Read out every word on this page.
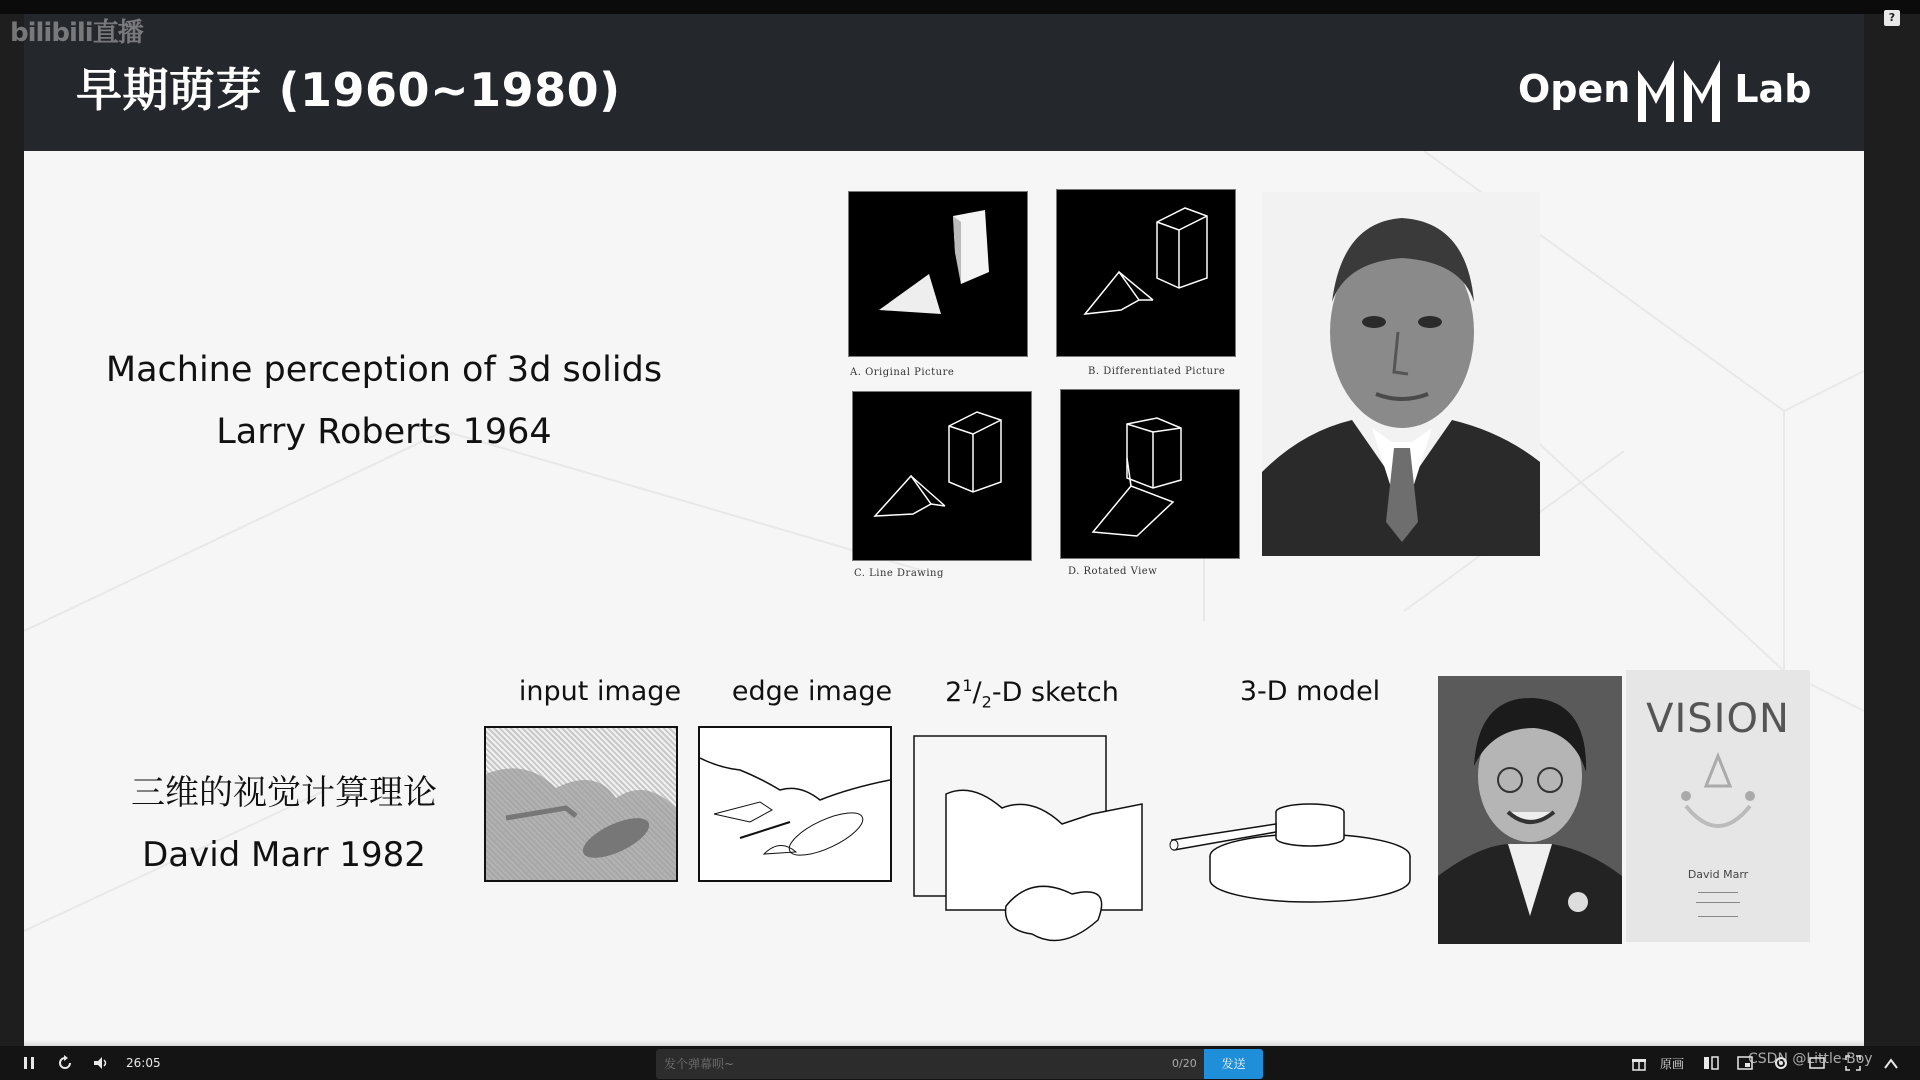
bilibili直播
?
早期萌芽 (1960~1980)	Open	Lab
Machine perception of 3d solids
Larry Roberts 1964
A. Original Picture	B. Differentiated Picture
C. Line Drawing	D. Rotated View
三维的视觉计算理论
David Marr 1982
input image	edge image	$2^1/_2-D$ sketch	3-D model
VISION
David Marr
26:05
发个弹幕呗~	0/20	发送	原画	CSDN @Little-Boy
